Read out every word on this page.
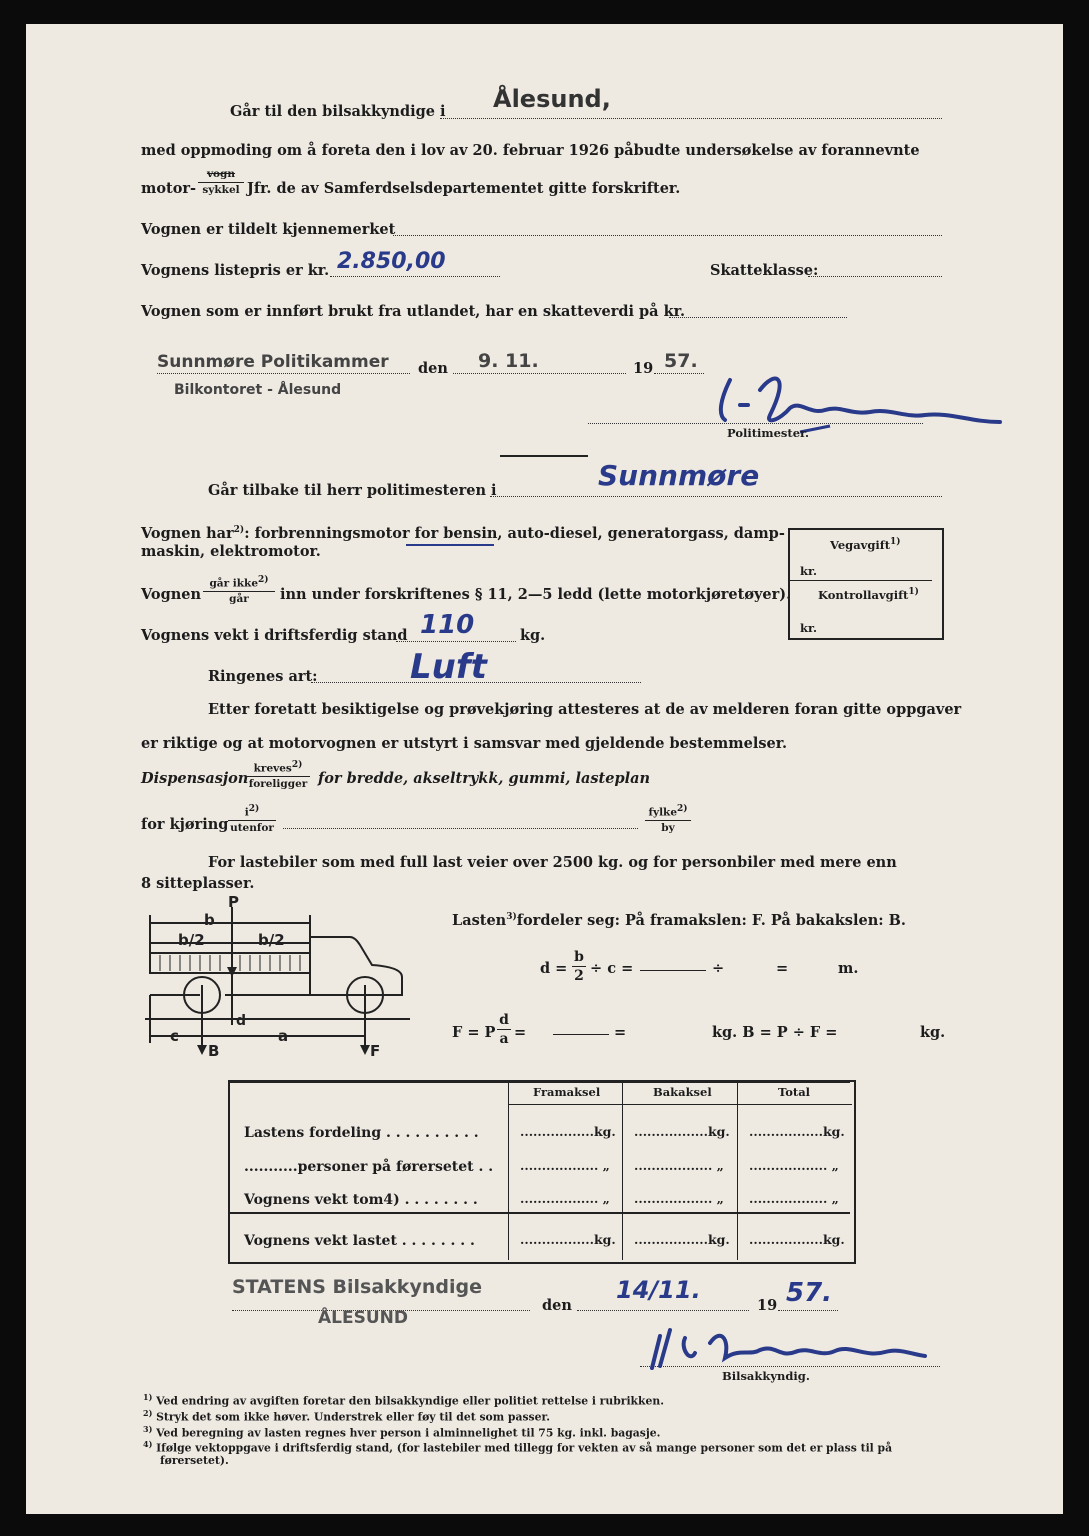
Går til den bilsakkyndige i Ålesund,
med oppmoding om å foreta den i lov av 20. februar 1926 påbudte undersøkelse av forannevnte
motor-
vogn
sykkel Jfr. de av Samferdselsdepartementet gitte forskrifter.
Vognen er tildelt kjennemerket
Vognens listepris er kr. 2.850,00	Skatteklasse:
Vognen som er innført brukt fra utlandet, har en skatteverdi på kr.
Sunnmøre Politikammer
Bilkontoret - Ålesund
den 9. 11.	19 57.
Politimester.
Går tilbake til herr politimesteren i	Sunnmøre
Vognen har$^{2)}$: forbrenningsmotor for bensin, auto-diesel, generatorgass, damp-
maskin, elektromotor.
Vognen
går ikke$^{2)}$
går	inn under forskriftenes § 11, 2—5 ledd (lette motorkjøretøyer).
Vognens vekt i driftsferdig stand 110	kg.
Ringenes art:	Luft
Vegavgift$^{1)}$
kr.
Kontrollavgift$^{1)}$
kr.
Etter foretatt besiktigelse og prøvekjøring attesteres at de av melderen foran gitte oppgaver
er riktige og at motorvognen er utstyrt i samsvar med gjeldende bestemmelser.
Dispensasjon
kreves$^{2)}$
foreligger for bredde, akseltrykk, gummi, lasteplan
for kjøring
$i^{2)}$
utenfor
fylke$^{2)}$
by
For lastebiler som med full last veier over 2500 kg. og for personbiler med mere enn
8 sitteplasser.
b
P
b/2	b/2
c	a
d
B	F
Lasten$^{3)}$fordeler seg: På framakslen: F. På bakakslen: B.
$d = \frac{b}{2} \div c$ =	÷	=	m.
F = P $\frac{d}{a}$ =	=	kg. B = P ÷ F =	kg.
Framaksel	Bakaksel	Total
Lastens fordeling . . . . . . . . . .	.................kg. .................kg. .................kg.
...........personer på førersetet . . .................. „ .................. „ .................. „
Vognens vekt tom4) . . . . . . . .	.................. „ .................. „ .................. „
Vognens vekt lastet . . . . . . . .	.................kg. .................kg. .................kg.
STATENS Bilsakkyndige
ÅLESUND
den
14/11.
19 57.
Bilsakkyndig.
$^{1)}$ Ved endring av avgiften foretar den bilsakkyndige eller politiet rettelse i rubrikken.
$^{2)}$ Stryk det som ikke høver. Understrek eller føy til det som passer.
$^{3)}$ Ved beregning av lasten regnes hver person i alminnelighet til 75 kg. inkl. bagasje.
$^{4)}$ Ifølge vektoppgave i driftsferdig stand, (for lastebiler med tillegg for vekten av så mange personer som det er plass til på
førersetet).
